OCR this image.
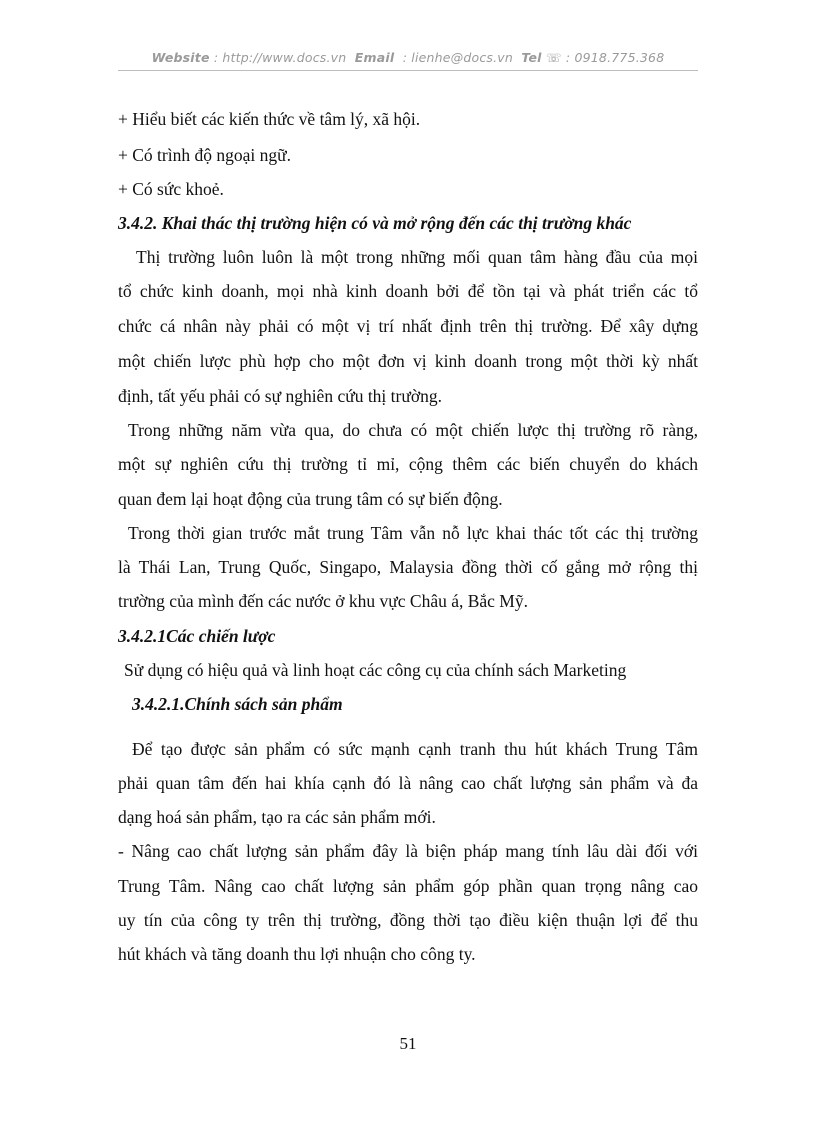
Website : http://www.docs.vn Email : lienhe@docs.vn Tel ☏ : 0918.775.368
+ Hiểu biết các kiến thức về tâm lý, xã hội.
+ Có trình độ ngoại ngữ.
+ Có sức khoẻ.
3.4.2. Khai thác thị trường hiện có và mở rộng đến các thị trường khác
Thị trường luôn luôn là một trong những mối quan tâm hàng đầu của mọi
tổ chức kinh doanh, mọi nhà kinh doanh bởi để tồn tại và phát triển các tổ
chức cá nhân này phải có một vị trí nhất định trên thị trường. Để xây dựng
một chiến lược phù hợp cho một đơn vị kinh doanh trong một thời kỳ nhất
định, tất yếu phải có sự nghiên cứu thị trường.
Trong những năm vừa qua, do chưa có một chiến lược thị trường rõ ràng,
một sự nghiên cứu thị trường tỉ mỉ, cộng thêm các biến chuyển do khách
quan đem lại hoạt động của trung tâm có sự biến động.
Trong thời gian trước mắt trung Tâm vẫn nỗ lực khai thác tốt các thị trường
là Thái Lan, Trung Quốc, Singapo, Malaysia đồng thời cố gắng mở rộng thị
trường của mình đến các nước ở khu vực Châu á, Bắc Mỹ.
3.4.2.1Các chiến lược
Sử dụng có hiệu quả và linh hoạt các công cụ của chính sách Marketing
3.4.2.1.Chính sách sản phẩm
Để tạo được sản phẩm có sức mạnh cạnh tranh thu hút khách Trung Tâm
phải quan tâm đến hai khía cạnh đó là nâng cao chất lượng sản phẩm và đa
dạng hoá sản phẩm, tạo ra các sản phẩm mới.
- Nâng cao chất lượng sản phẩm đây là biện pháp mang tính lâu dài đối với
Trung Tâm. Nâng cao chất lượng sản phẩm góp phần quan trọng nâng cao
uy tín của công ty trên thị trường, đồng thời tạo điều kiện thuận lợi để thu
hút khách và tăng doanh thu lợi nhuận cho công ty.
51
